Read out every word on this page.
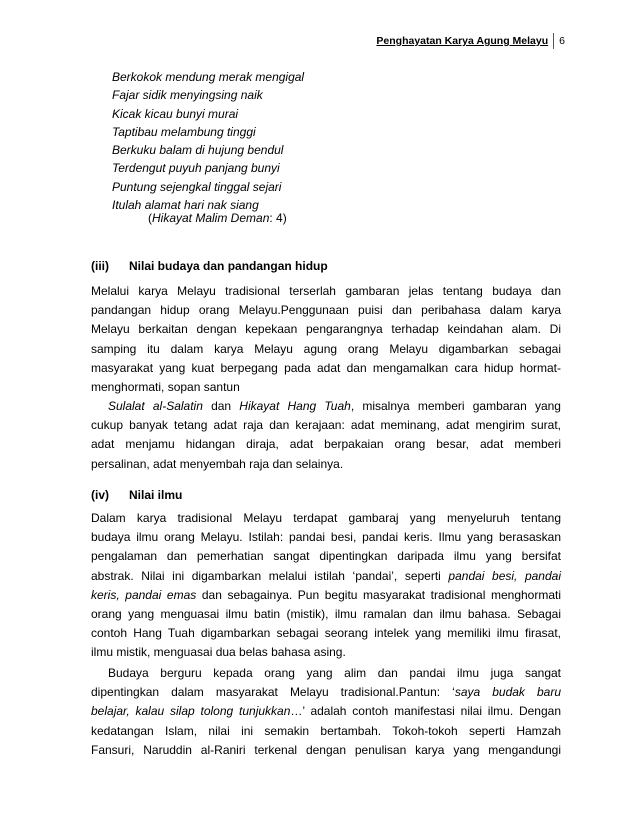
Penghayatan Karya Agung Melayu 6
Berkokok mendung merak mengigal
Fajar sidik menyingsing naik
Kicak kicau bunyi murai
Taptibau melambung tinggi
Berkuku balam di hujung bendul
Terdengut puyuh panjang bunyi
Puntung sejengkal tinggal sejari
Itulah alamat hari nak siang
(Hikayat Malim Deman: 4)
(iii) Nilai budaya dan pandangan hidup

Melalui karya Melayu tradisional terserlah gambaran jelas tentang budaya dan
pandangan hidup orang Melayu.Penggunaan puisi dan peribahasa dalam karya
Melayu berkaitan dengan kepekaan pengarangnya terhadap keindahan alam. Di
samping itu dalam karya Melayu agung orang Melayu digambarkan sebagai
masyarakat yang kuat berpegang pada adat dan mengamalkan cara hidup hormat-
menghormati, sopan santun

Sulalat al-Salatin dan Hikayat Hang Tuah, misalnya memberi gambaran yang
cukup banyak tetang adat raja dan kerajaan: adat meminang, adat mengirim surat,
adat menjamu hidangan diraja, adat berpakaian orang besar, adat memberi
persalinan, adat menyembah raja dan selainya.

(iv) Nilai ilmu

Dalam karya tradisional Melayu terdapat gambaraj yang menyeluruh tentang
budaya ilmu orang Melayu. Istilah: pandai besi, pandai keris. Ilmu yang berasaskan
pengalaman dan pemerhatian sangat dipentingkan daripada ilmu yang bersifat
abstrak. Nilai ini digambarkan melalui istilah ‘pandai’, seperti pandai besi, pandai
keris, pandai emas dan sebagainya. Pun begitu masyarakat tradisional menghormati
orang yang menguasai ilmu batin (mistik), ilmu ramalan dan ilmu bahasa. Sebagai
contoh Hang Tuah digambarkan sebagai seorang intelek yang memiliki ilmu firasat,
ilmu mistik, menguasai dua belas bahasa asing.

Budaya berguru kepada orang yang alim dan pandai ilmu juga sangat
dipentingkan dalam masyarakat Melayu tradisional.Pantun: ‘saya budak baru
belajar, kalau silap tolong tunjukkan…’ adalah contoh manifestasi nilai ilmu. Dengan
kedatangan Islam, nilai ini semakin bertambah. Tokoh-tokoh seperti Hamzah
Fansuri, Naruddin al-Raniri terkenal dengan penulisan karya yang mengandungi
